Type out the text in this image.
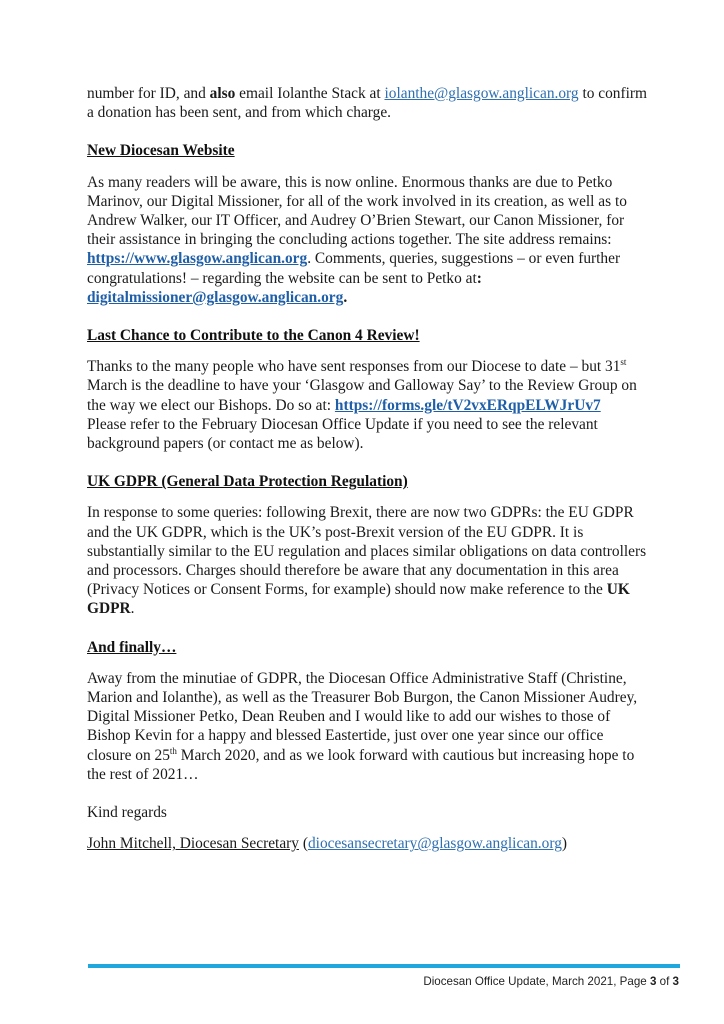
number for ID, and also email Iolanthe Stack at iolanthe@glasgow.anglican.org to confirm a donation has been sent, and from which charge.

New Diocesan Website

As many readers will be aware, this is now online. Enormous thanks are due to Petko Marinov, our Digital Missioner, for all of the work involved in its creation, as well as to Andrew Walker, our IT Officer, and Audrey O’Brien Stewart, our Canon Missioner, for their assistance in bringing the concluding actions together. The site address remains: https://www.glasgow.anglican.org. Comments, queries, suggestions – or even further congratulations! – regarding the website can be sent to Petko at: digitalmissioner@glasgow.anglican.org.

Last Chance to Contribute to the Canon 4 Review!

Thanks to the many people who have sent responses from our Diocese to date – but 31st March is the deadline to have your ‘Glasgow and Galloway Say’ to the Review Group on the way we elect our Bishops. Do so at: https://forms.gle/tV2vxERqpELWJrUv7  Please refer to the February Diocesan Office Update if you need to see the relevant background papers (or contact me as below).

UK GDPR (General Data Protection Regulation)

In response to some queries: following Brexit, there are now two GDPRs: the EU GDPR and the UK GDPR, which is the UK’s post-Brexit version of the EU GDPR. It is substantially similar to the EU regulation and places similar obligations on data controllers and processors. Charges should therefore be aware that any documentation in this area (Privacy Notices or Consent Forms, for example) should now make reference to the UK GDPR.

And finally…

Away from the minutiae of GDPR, the Diocesan Office Administrative Staff (Christine, Marion and Iolanthe), as well as the Treasurer Bob Burgon, the Canon Missioner Audrey, Digital Missioner Petko, Dean Reuben and I would like to add our wishes to those of Bishop Kevin for a happy and blessed Eastertide, just over one year since our office closure on 25th March 2020, and as we look forward with cautious but increasing hope to the rest of 2021…

Kind regards

John Mitchell, Diocesan Secretary (diocesansecretary@glasgow.anglican.org)

Diocesan Office Update, March 2021, Page 3 of 3
